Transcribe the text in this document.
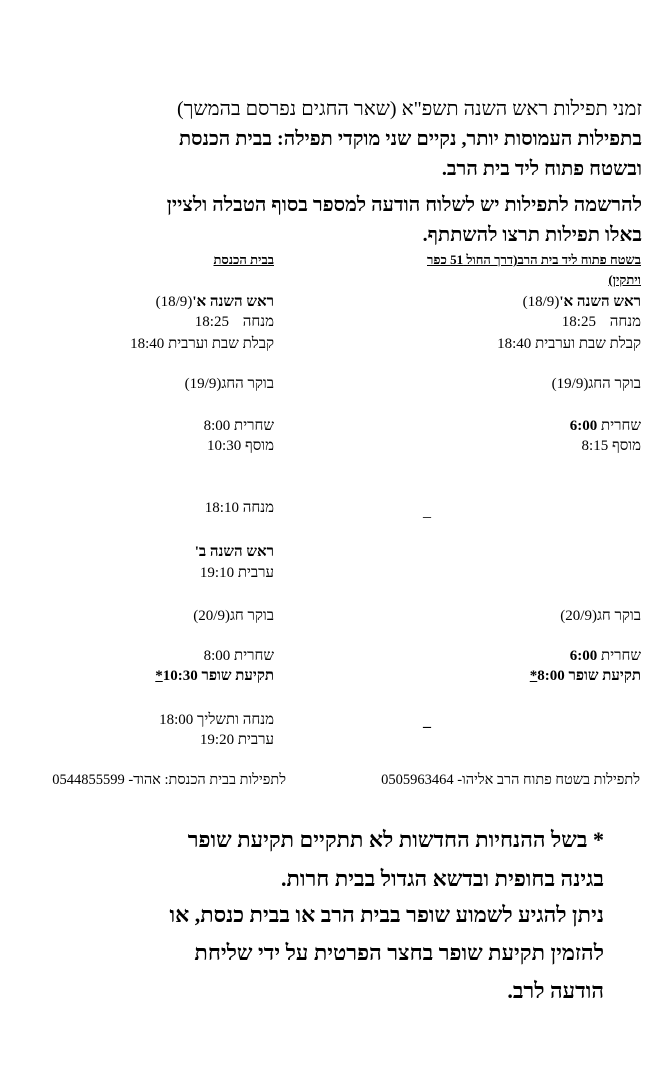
זמני תפילות ראש השנה תשפ"א (שאר החגים נפרסם בהמשך)
בתפילות העמוסות יותר, נקיים שני מוקדי תפילה: בבית הכנסת
ובשטח פתוח ליד בית הרב.
להרשמה לתפילות יש לשלוח הודעה למספר בסוף הטבלה ולציין
באלו תפילות תרצו להשתתף.
בשטח פתוח ליד בית הרב(דרך החול 51 כפר
ויתקין)
ראש השנה א'(18/9)
מנחה 18:25
קבלת שבת וערבית 18:40
בוקר החג(19/9)
שחרית 6:00
מוסף 8:15
_
בוקר חג(20/9)
שחרית 6:00
תקיעת שופר 8:00*
–
לתפילות בשטח פתוח הרב אליהו- 0505963464
בבית הכנסת
ראש השנה א'(18/9)
מנחה 18:25
קבלת שבת וערבית 18:40
בוקר החג(19/9)
שחרית 8:00
מוסף 10:30
מנחה 18:10
ראש השנה ב'
ערבית 19:10
בוקר חג(20/9)
שחרית 8:00
תקיעת שופר 10:30*
מנחה ותשליך 18:00
ערבית 19:20
לתפילות בבית הכנסת: אהוד- 0544855599
* בשל ההנחיות החדשות לא תתקיים תקיעת שופר
בגינה בחופית ובדשא הגדול בבית חרות.
ניתן להגיע לשמוע שופר בבית הרב או בבית כנסת, או
להזמין תקיעת שופר בחצר הפרטית על ידי שליחת
הודעה לרב.
